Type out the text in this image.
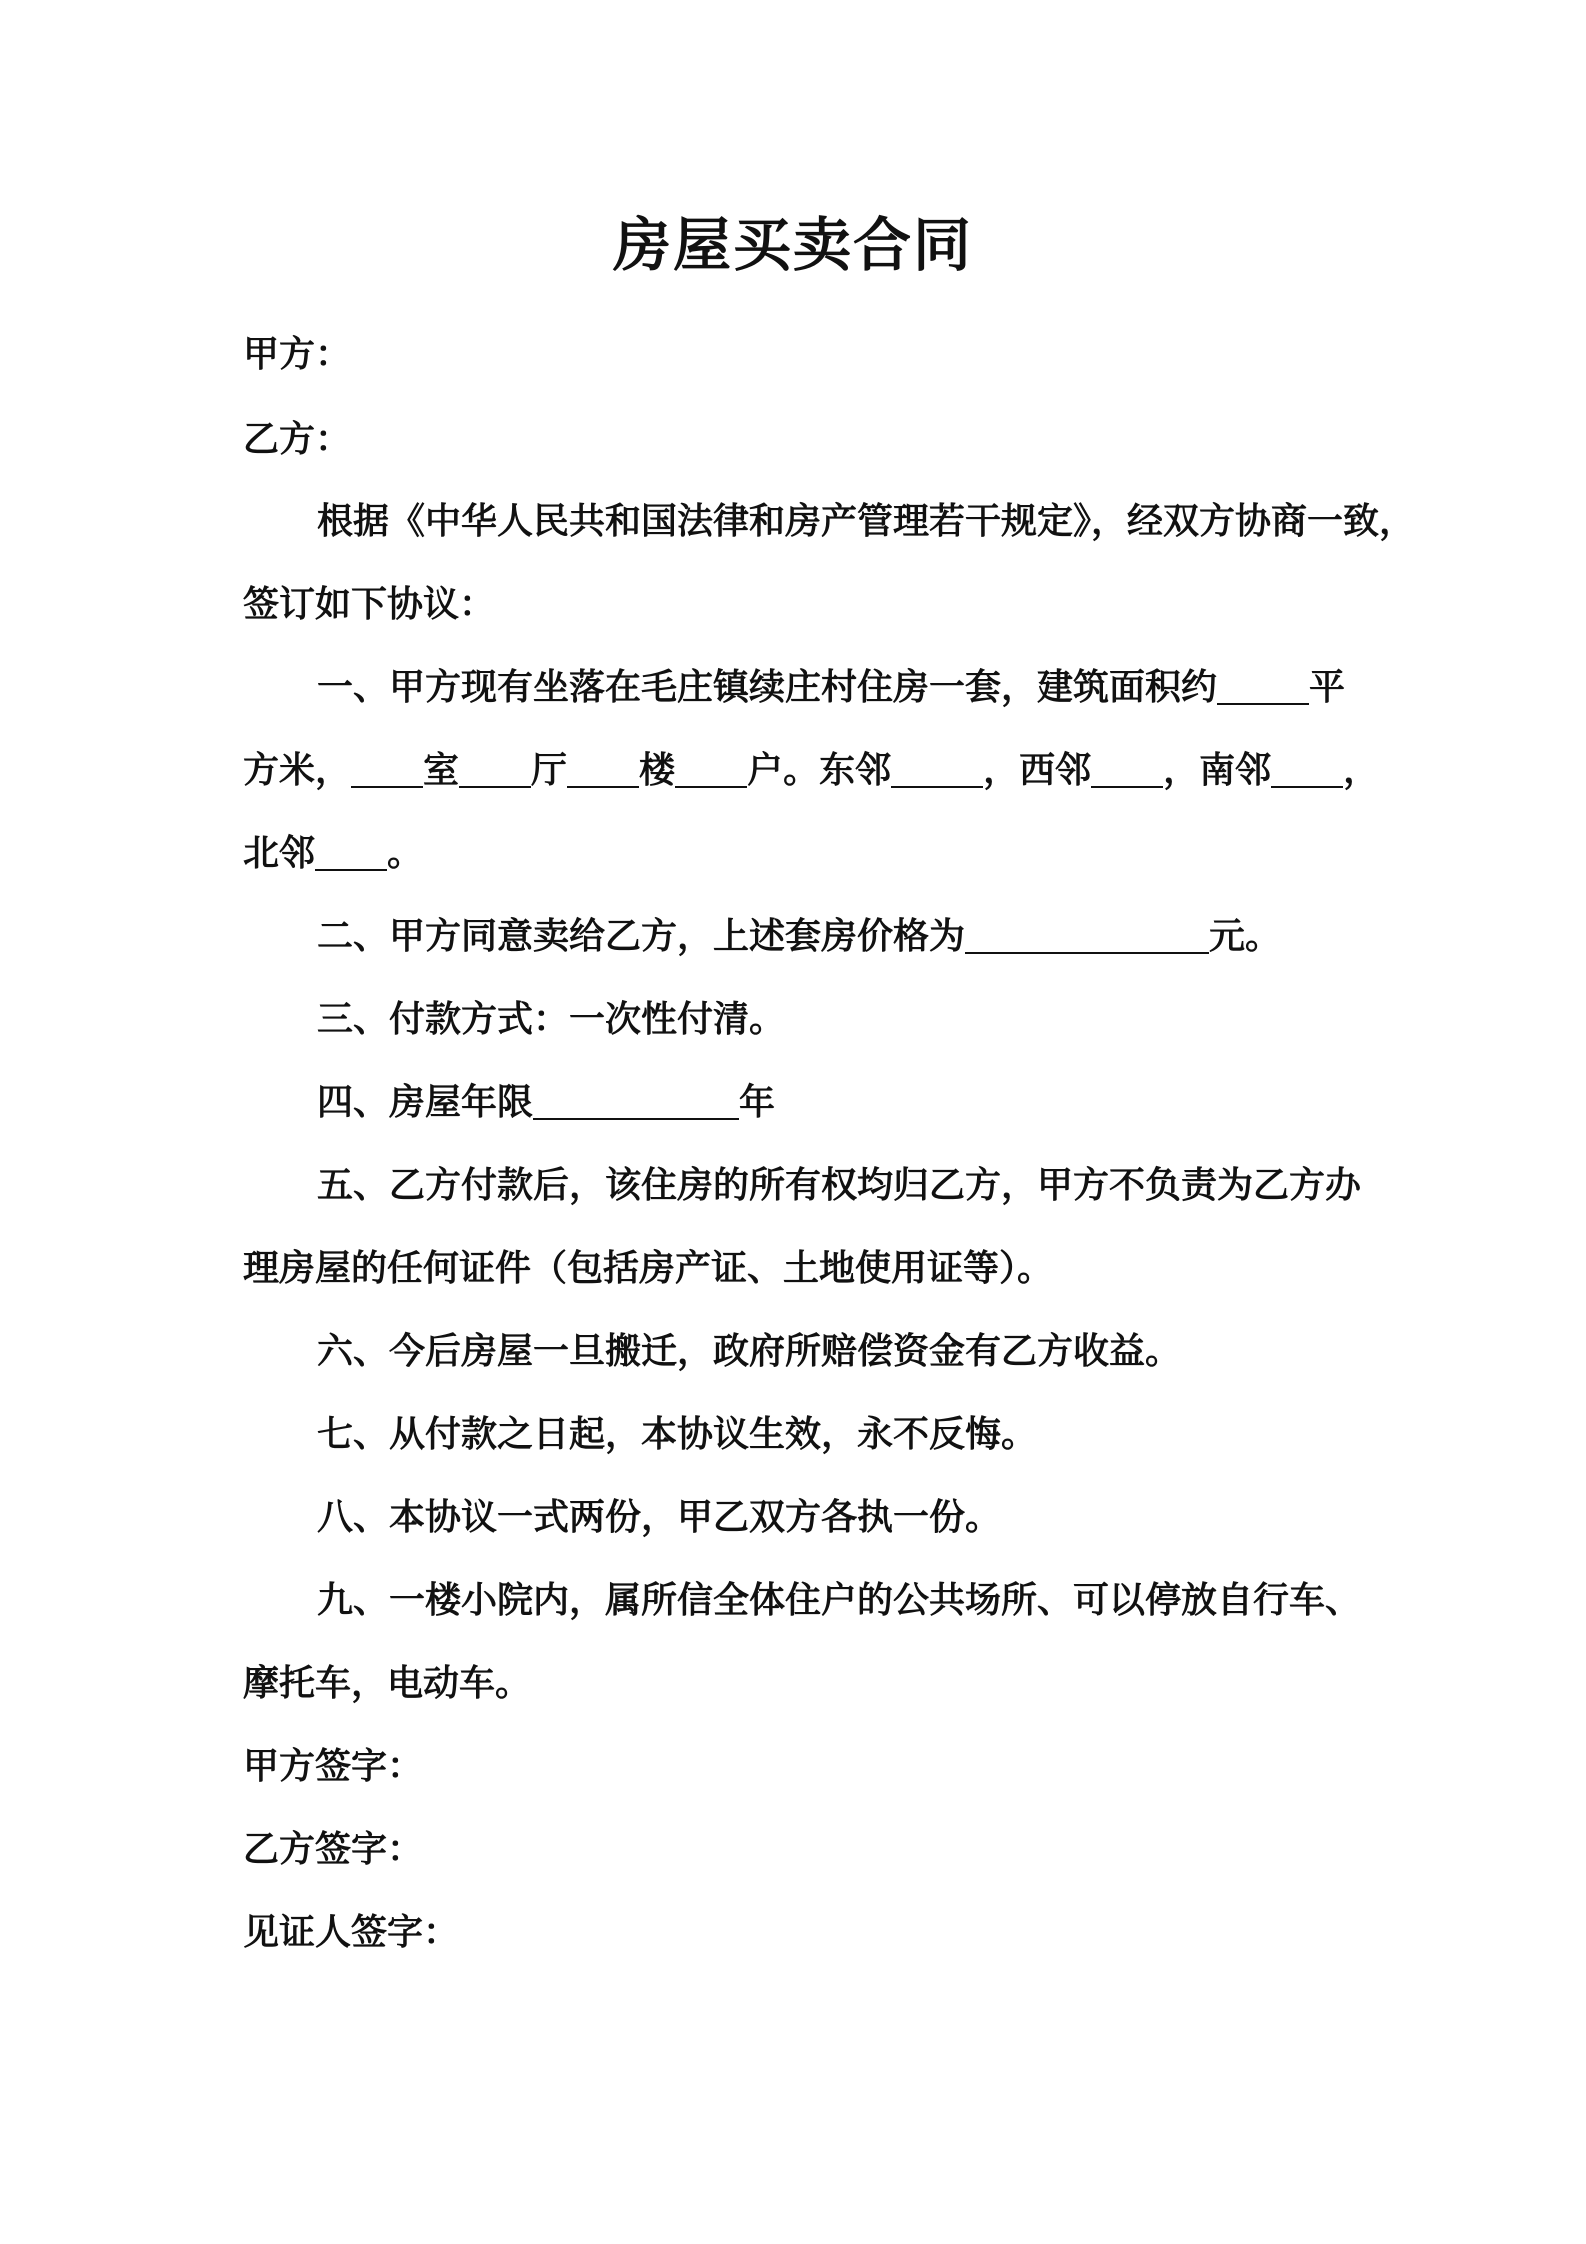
房屋买卖合同
甲方：
乙方：
根据《中华人民共和国法律和房产管理若干规定》，经双方协商一致，
签订如下协议：
一、甲方现有坐落在毛庄镇续庄村住房一套，建筑面积约	平
方米， 室 厅 楼 户。东邻	，西邻 ，南邻 ，
北邻 。
二、甲方同意卖给乙方，上述套房价格为	元。
三、付款方式：一次性付清。
四、房屋年限	年
五、乙方付款后，该住房的所有权均归乙方，甲方不负责为乙方办
理房屋的任何证件（包括房产证、土地使用证等）。
六、今后房屋一旦搬迁，政府所赔偿资金有乙方收益。
七、从付款之日起，本协议生效，永不反悔。
八、本协议一式两份，甲乙双方各执一份。
九、一楼小院内，属所信全体住户的公共场所、可以停放自行车、
摩托车，电动车。
甲方签字：
乙方签字：
见证人签字：
